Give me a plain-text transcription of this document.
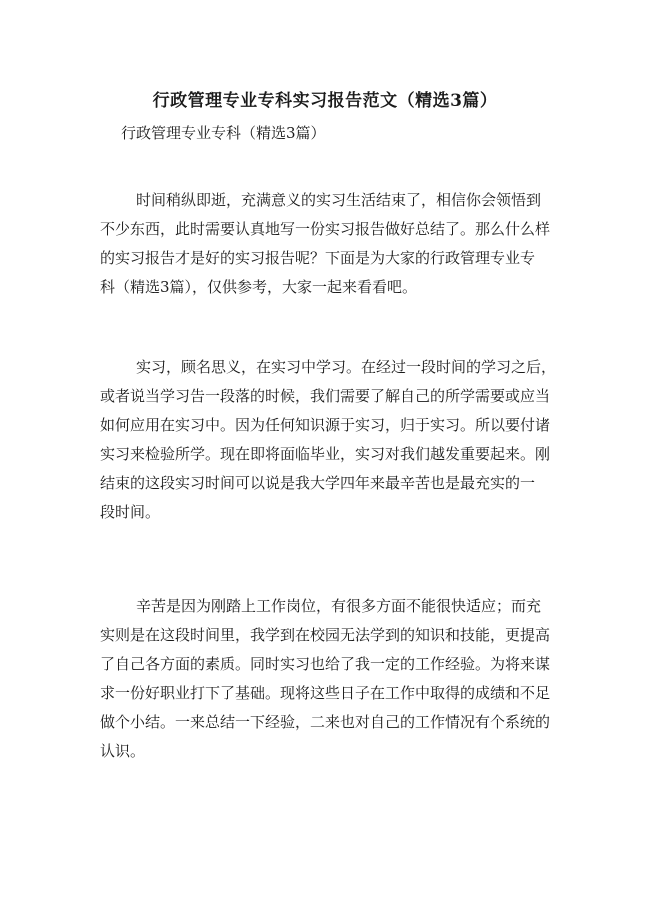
行政管理专业专科实习报告范文（精选3篇）
行政管理专业专科（精选3篇）
时间稍纵即逝，充满意义的实习生活结束了，相信你会领悟到
不少东西，此时需要认真地写一份实习报告做好总结了。那么什么样
的实习报告才是好的实习报告呢？下面是为大家的行政管理专业专
科（精选3篇），仅供参考，大家一起来看看吧。
实习，顾名思义，在实习中学习。在经过一段时间的学习之后，
或者说当学习告一段落的时候，我们需要了解自己的所学需要或应当
如何应用在实习中。因为任何知识源于实习，归于实习。所以要付诸
实习来检验所学。现在即将面临毕业，实习对我们越发重要起来。刚
结束的这段实习时间可以说是我大学四年来最辛苦也是最充实的一
段时间。
辛苦是因为刚踏上工作岗位，有很多方面不能很快适应；而充
实则是在这段时间里，我学到在校园无法学到的知识和技能，更提高
了自己各方面的素质。同时实习也给了我一定的工作经验。为将来谋
求一份好职业打下了基础。现将这些日子在工作中取得的成绩和不足
做个小结。一来总结一下经验，二来也对自己的工作情况有个系统的
认识。
